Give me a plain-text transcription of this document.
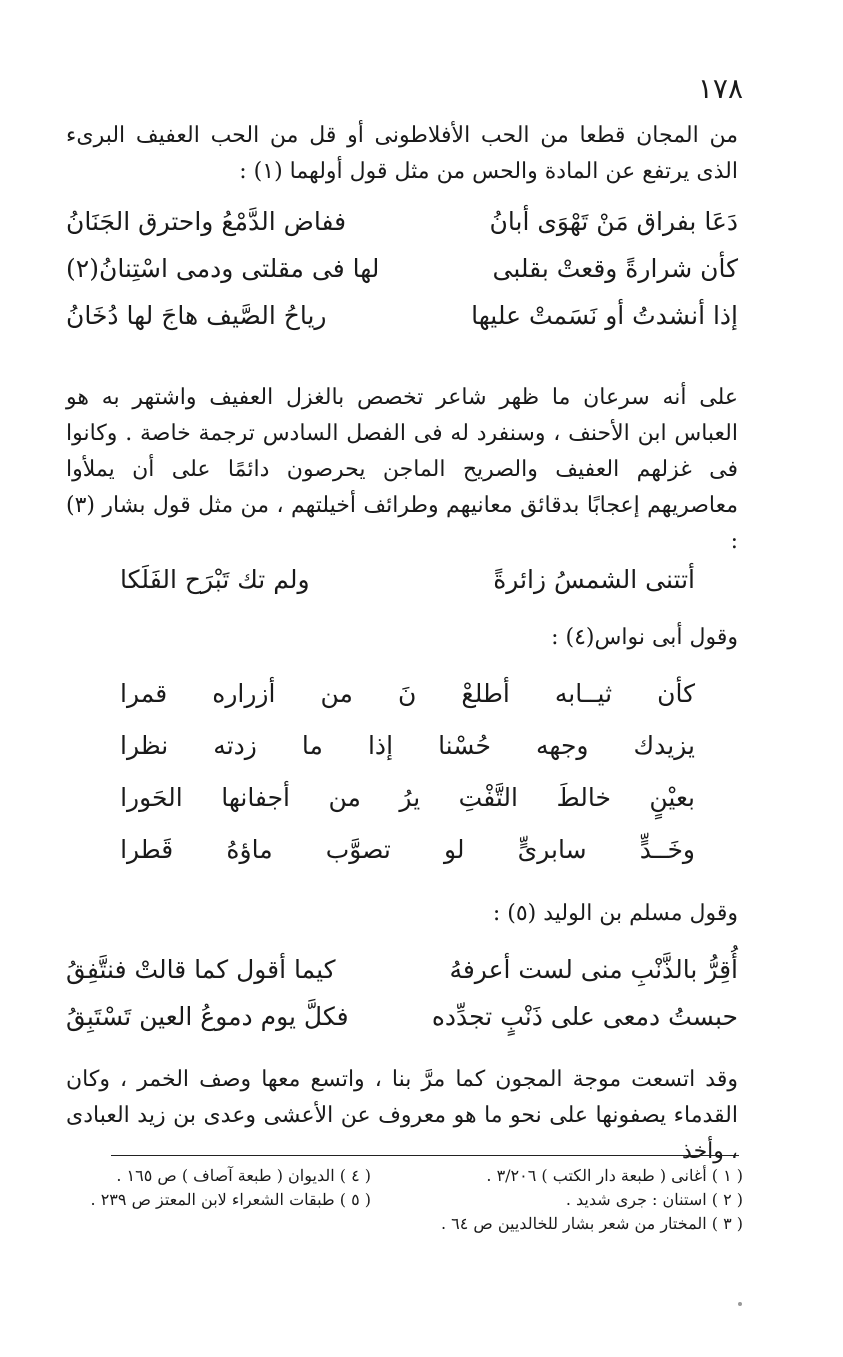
١٧٨
من المجان قطعا من الحب الأفلاطونى أو قل من الحب العفيف البرىء الذى يرتفع عن المادة والحس من مثل قول أولهما (١) :
دَعَا بفراق مَنْ تَهْوَى أبانُ
ففاض الدَّمْعُ واحترق الجَنَانُ
كأن شرارةً وقعتْ بقلبى
لها فى مقلتى ودمى اسْتِنانُ(٢)
إذا أنشدتُ أو نَسَمتْ عليها
رياحُ الصَّيف هاجَ لها دُخَانُ
على أنه سرعان ما ظهر شاعر تخصص بالغزل العفيف واشتهر به هو العباس ابن الأحنف ، وسنفرد له فى الفصل السادس ترجمة خاصة . وكانوا فى غزلهم العفيف والصريح الماجن يحرصون دائمًا على أن يملأوا معاصريهم إعجابًا بدقائق معانيهم وطرائف أخيلتهم ، من مثل قول بشار (٣) :
أتتنى الشمسُ زائرةً
ولم تك تَبْرَح الفَلَكا
وقول أبى نواس(٤) :
كأن
ثيــابه
أطلعْ
نَ
من
أزراره
قمرا
يزيدك
وجهه
حُسْنا
إذا
ما
زدته
نظرا
بعيْنٍ
خالطَ
التَّفْتِ
يرُ
من
أجفانها
الحَورا
وخَــدٍّ
سابرىٍّ
لو
تصوَّب
ماؤهُ
قَطرا
وقول مسلم بن الوليد (٥) :
أُقِرُّ بالذَّنْبِ منى لست أعرفهُ
كيما أقول كما قالتْ فنتَّفِقُ
حبستُ دمعى على ذَنْبٍ تجدِّده
فكلَّ يوم دموعُ العين تَسْتَبِقُ
وقد اتسعت موجة المجون كما مرَّ بنا ، واتسع معها وصف الخمر ، وكان القدماء يصفونها على نحو ما هو معروف عن الأعشى وعدى بن زيد العبادى ، وأخذ
( ١ ) أغانى ( طبعة دار الكتب ) ٣/٢٠٦ .
( ٢ ) استنان : جرى شديد .
( ٣ ) المختار من شعر بشار للخالديين ص ٦٤ .
( ٤ ) الديوان ( طبعة آصاف ) ص ١٦٥ .
( ٥ ) طبقات الشعراء لابن المعتز ص ٢٣٩ .
